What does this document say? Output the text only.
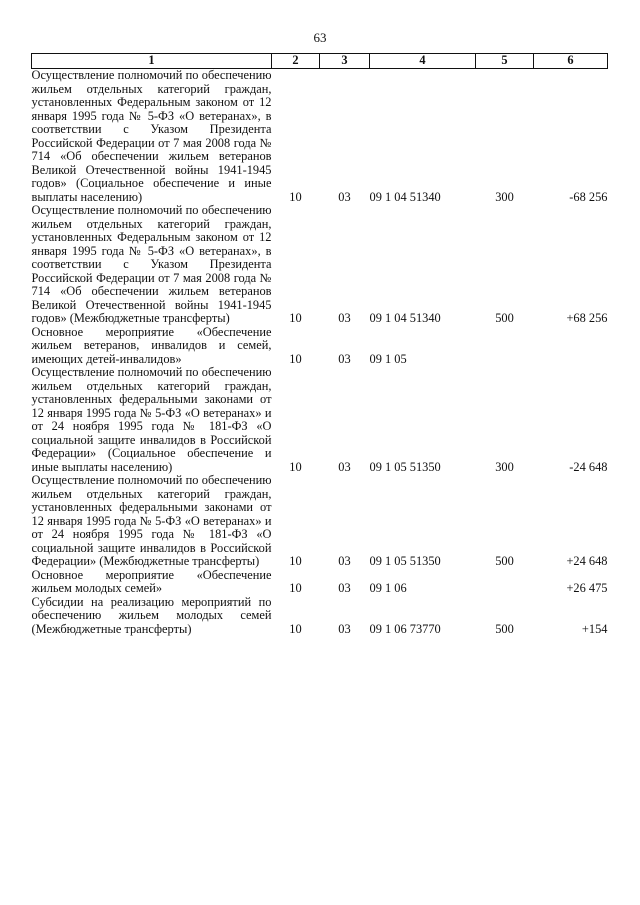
63
1	2	3	4	5	6
Осуществление полномочий по обеспечению жильем отдельных категорий граждан, установленных Федеральным законом от 12 января 1995 года № 5-ФЗ «О ветеранах», в соответствии с Указом Президента Российской Федерации от 7 мая 2008 года № 714 «Об обеспечении жильем ветеранов Великой Отечественной войны 1941-1945 годов» (Социальное обеспечение и иные выплаты населению)	10	03	09 1 04 51340	300	-68 256
Осуществление полномочий по обеспечению жильем отдельных категорий граждан, установленных Федеральным законом от 12 января 1995 года № 5-ФЗ «О ветеранах», в соответствии с Указом Президента Российской Федерации от 7 мая 2008 года № 714 «Об обеспечении жильем ветеранов Великой Отечественной войны 1941-1945 годов» (Межбюджетные трансферты)	10	03	09 1 04 51340	500	+68 256
Основное мероприятие «Обеспечение жильем ветеранов, инвалидов и семей, имеющих детей-инвалидов»	10	03	09 1 05		
Осуществление полномочий по обеспечению жильем отдельных категорий граждан, установленных федеральными законами от 12 января 1995 года № 5-ФЗ «О ветеранах» и от 24 ноября 1995 года № 181-ФЗ «О социальной защите инвалидов в Российской Федерации» (Социальное обеспечение и иные выплаты населению)	10	03	09 1 05 51350	300	-24 648
Осуществление полномочий по обеспечению жильем отдельных категорий граждан, установленных федеральными законами от 12 января 1995 года № 5-ФЗ «О ветеранах» и от 24 ноября 1995 года № 181-ФЗ «О социальной защите инвалидов в Российской Федерации» (Межбюджетные трансферты)	10	03	09 1 05 51350	500	+24 648
Основное мероприятие «Обеспечение жильем молодых семей»	10	03	09 1 06		+26 475
Субсидии на реализацию мероприятий по обеспечению жильем молодых семей (Межбюджетные трансферты)	10	03	09 1 06 73770	500	+154
